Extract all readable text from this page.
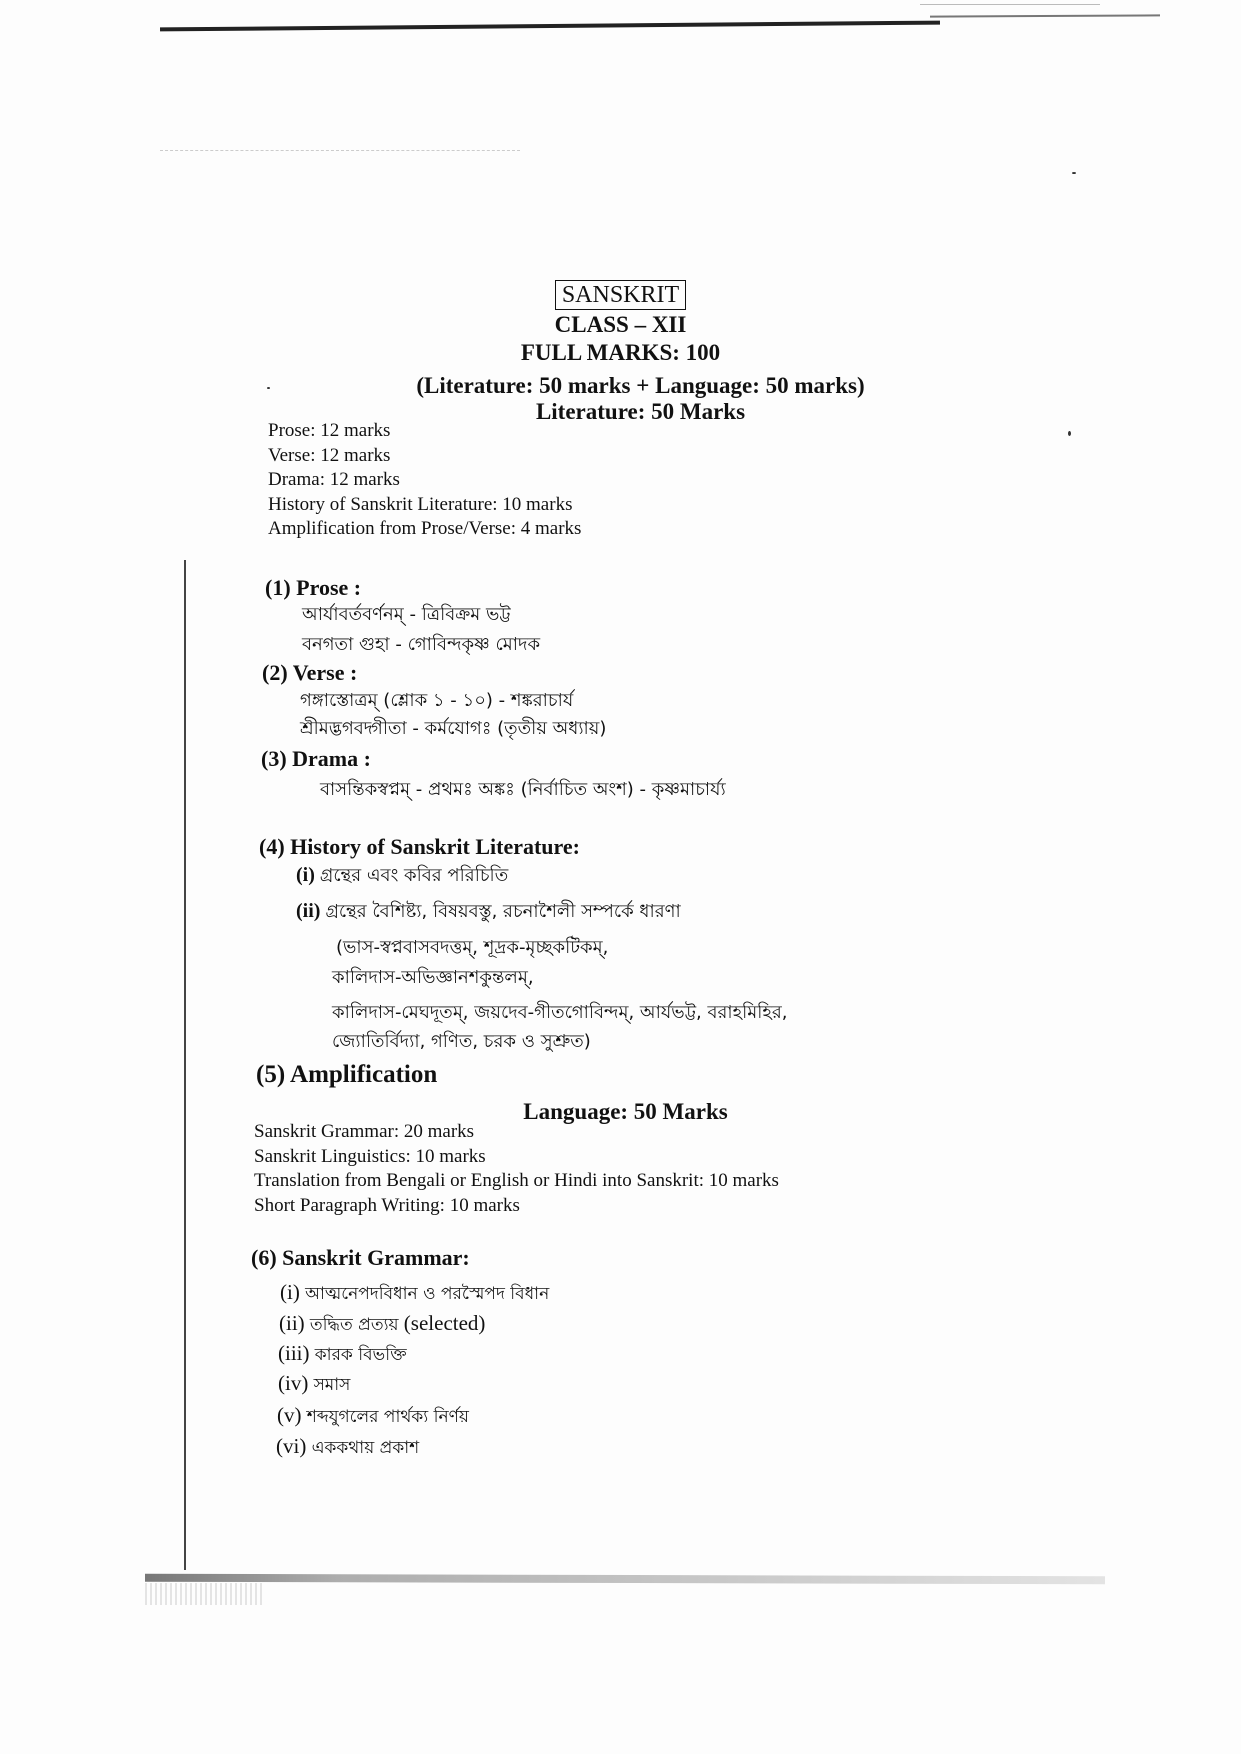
SANSKRIT
CLASS – XII
FULL MARKS: 100
(Literature: 50 marks + Language: 50 marks)
Literature: 50 Marks
Prose: 12 marks
Verse: 12 marks
Drama: 12 marks
History of Sanskrit Literature: 10 marks
Amplification from Prose/Verse: 4 marks
(1) Prose :
আর্যাবর্তবর্ণনম্ - ত্রিবিক্রম ভট্ট
বনগতা গুহা - গোবিন্দকৃষ্ণ মোদক
(2) Verse :
গঙ্গাস্তোত্রম্ (শ্লোক ১ - ১০) - শঙ্করাচার্য
শ্রীমদ্ভগবদ্গীতা - কর্মযোগঃ (তৃতীয় অধ্যায়)
(3) Drama :
বাসন্তিকস্বপ্নম্ - প্রথমঃ অঙ্কঃ (নির্বাচিত অংশ) - কৃষ্ণমাচার্য্য
(4) History of Sanskrit Literature:
(i) গ্রন্থের এবং কবির পরিচিতি
(ii) গ্রন্থের বৈশিষ্ট্য, বিষয়বস্তু, রচনাশৈলী সম্পর্কে ধারণা
(ভাস-স্বপ্নবাসবদত্তম্, শূদ্রক-মৃচ্ছকটিকম্,
কালিদাস-অভিজ্ঞানশকুন্তলম্,
কালিদাস-মেঘদূতম্, জয়দেব-গীতগোবিন্দম্, আর্যভট্ট, বরাহমিহির,
জ্যোতির্বিদ্যা, গণিত, চরক ও সুশ্রুত)
(5) Amplification
Language: 50 Marks
Sanskrit Grammar: 20 marks
Sanskrit Linguistics: 10 marks
Translation from Bengali or English or Hindi into Sanskrit: 10 marks
Short Paragraph Writing: 10 marks
(6) Sanskrit Grammar:
(i) আত্মনেপদবিধান ও পরস্মৈপদ বিধান
(ii) তদ্ধিত প্রত্যয় (selected)
(iii) কারক বিভক্তি
(iv) সমাস
(v) শব্দযুগলের পার্থক্য নির্ণয়
(vi) এককথায় প্রকাশ
